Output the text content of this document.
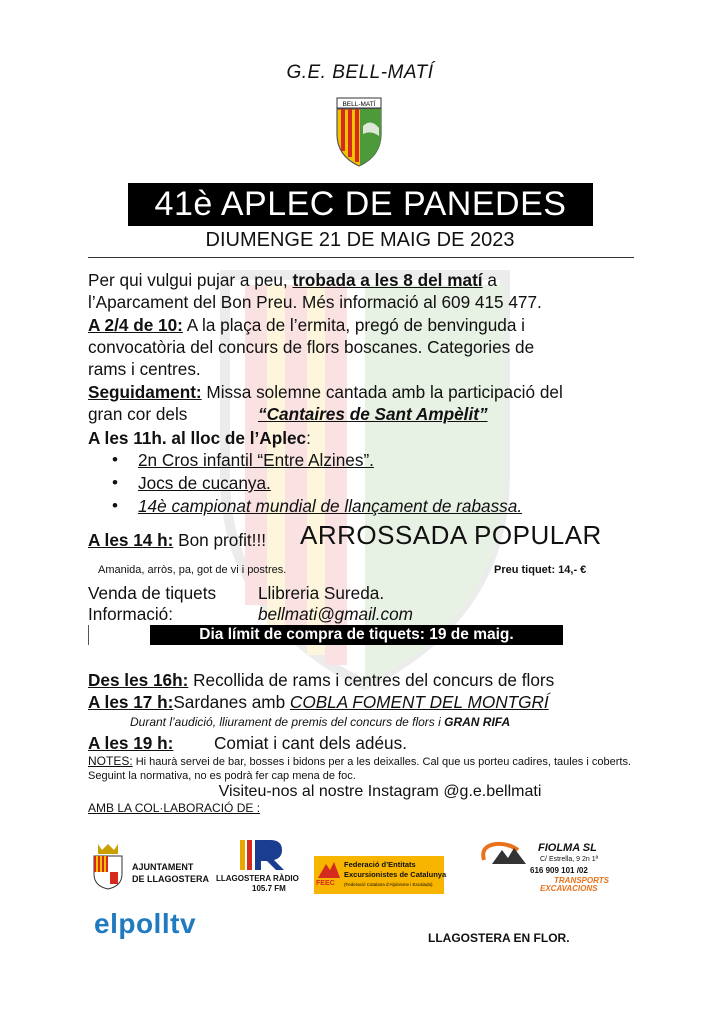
G.E. BELL-MATÍ
BELL-MATÍ
41è APLEC DE PANEDES
DIUMENGE 21 DE MAIG DE 2023
Per qui vulgui pujar a peu, trobada a les 8 del matí a
l’Aparcament del Bon Preu. Més informació al 609 415 477.
A 2/4 de 10: A la plaça de l’ermita, pregó de benvinguda i
convocatòria del concurs de flors boscanes. Categories de
rams i centres.
Seguidament: Missa solemne cantada amb la participació del
gran cor dels	“Cantaires de Sant Ampèlit”
A les 11h. al lloc de l’Aplec:
• 2n Cros infantil “Entre Alzines”.
• Jocs de cucanya.
• 14è campionat mundial de llançament de rabassa.
A les 14 h: Bon profit!!! ARROSSADA POPULAR
Amanida, arròs, pa, got de vi i postres.	Preu tiquet: 14,- €
Venda de tiquets Llibreria Sureda.
Informació:	bellmati@gmail.com
Dia límit de compra de tiquets: 19 de maig.
Des les 16h: Recollida de rams i centres del concurs de flors
A les 17 h:Sardanes amb COBLA FOMENT DEL MONTGRÍ
Durant l’audició, lliurament de premis del concurs de flors i GRAN RIFA
A les 19 h: Comiat i cant dels adéus.
NOTES: Hi haurà servei de bar, bosses i bidons per a les deixalles. Cal que us porteu cadires, taules i coberts.
Seguint la normativa, no es podrà fer cap mena de foc.
Visiteu-nos al nostre Instagram @g.e.bellmati
AMB LA COL·LABORACIÓ DE :
AJUNTAMENT
DE LLAGOSTERA LLAGOSTERA RÀDIO
105.7 FM
FEEC
Federació d’Entitats
Excursionistes de Catalunya
(Federació Catalana d’Alpinisme i Escalada)
FIOLMA SL
C/ Estrella, 9 2n 1ª
616 909 101 /02
TRANSPORTS
EXCAVACIONS
elpolltv	LLAGOSTERA EN FLOR.
